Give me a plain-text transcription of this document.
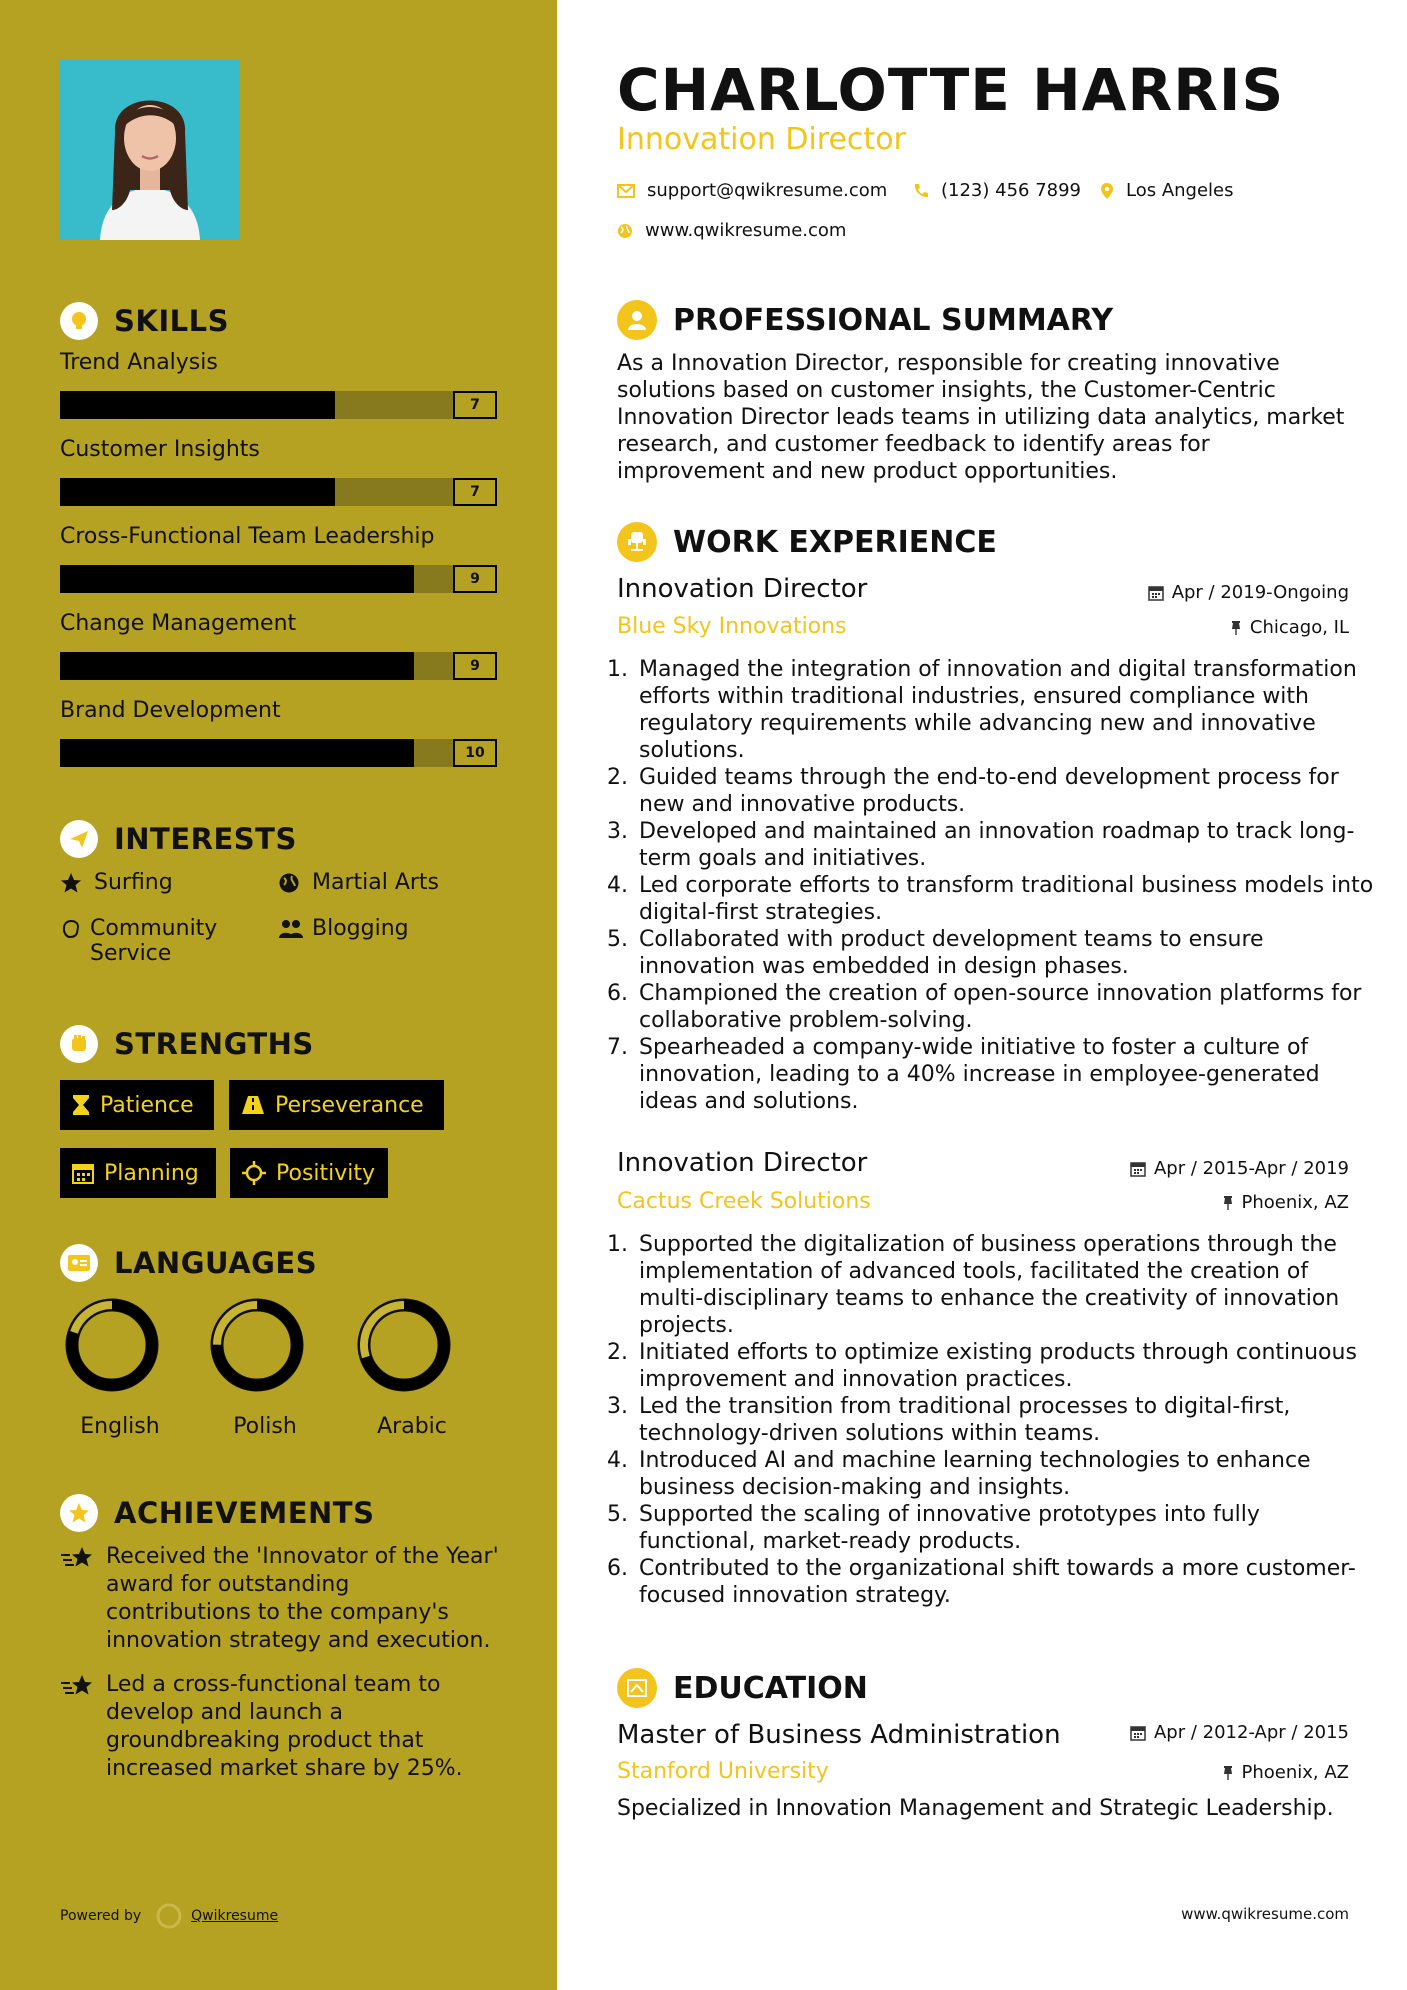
SKILLS
Trend Analysis
7
Customer Insights
7
Cross-Functional Team Leadership
9
Change Management
9
Brand Development
10
INTERESTS
Surfing	Martial Arts
Community Service
Blogging
STRENGTHS
Patience	Perseverance
Planning	Positivity
LANGUAGES
English	Polish	Arabic
ACHIEVEMENTS
Received the 'Innovator of the Year' award for outstanding contributions to the company's innovation strategy and execution.
Led a cross-functional team to develop and launch a groundbreaking product that increased market share by 25%.
Powered by	Qwikresume
CHARLOTTE HARRIS
Innovation Director
support@qwikresume.com	(123) 456 7899 Los Angeles
www.qwikresume.com
PROFESSIONAL SUMMARY
As a Innovation Director, responsible for creating innovative solutions based on customer insights, the Customer-Centric Innovation Director leads teams in utilizing data analytics, market research, and customer feedback to identify areas for improvement and new product opportunities.
WORK EXPERIENCE
Innovation Director
Blue Sky Innovations
Apr / 2019-Ongoing
Chicago, IL
1. Managed the integration of innovation and digital transformation efforts within traditional industries, ensured compliance with regulatory requirements while advancing new and innovative solutions.
2. Guided teams through the end-to-end development process for new and innovative products.
3. Developed and maintained an innovation roadmap to track long-term goals and initiatives.
4. Led corporate efforts to transform traditional business models into digital-first strategies.
5. Collaborated with product development teams to ensure innovation was embedded in design phases.
6. Championed the creation of open-source innovation platforms for collaborative problem-solving.
7. Spearheaded a company-wide initiative to foster a culture of innovation, leading to a 40% increase in employee-generated ideas and solutions.
Innovation Director
Cactus Creek Solutions
Apr / 2015-Apr / 2019
Phoenix, AZ
1. Supported the digitalization of business operations through the implementation of advanced tools, facilitated the creation of multi-disciplinary teams to enhance the creativity of innovation projects.
2. Initiated efforts to optimize existing products through continuous improvement and innovation practices.
3. Led the transition from traditional processes to digital-first, technology-driven solutions within teams.
4. Introduced AI and machine learning technologies to enhance business decision-making and insights.
5. Supported the scaling of innovative prototypes into fully functional, market-ready products.
6. Contributed to the organizational shift towards a more customer-focused innovation strategy.
EDUCATION
Master of Business Administration
Stanford University
Apr / 2012-Apr / 2015
Phoenix, AZ
Specialized in Innovation Management and Strategic Leadership.
www.qwikresume.com
